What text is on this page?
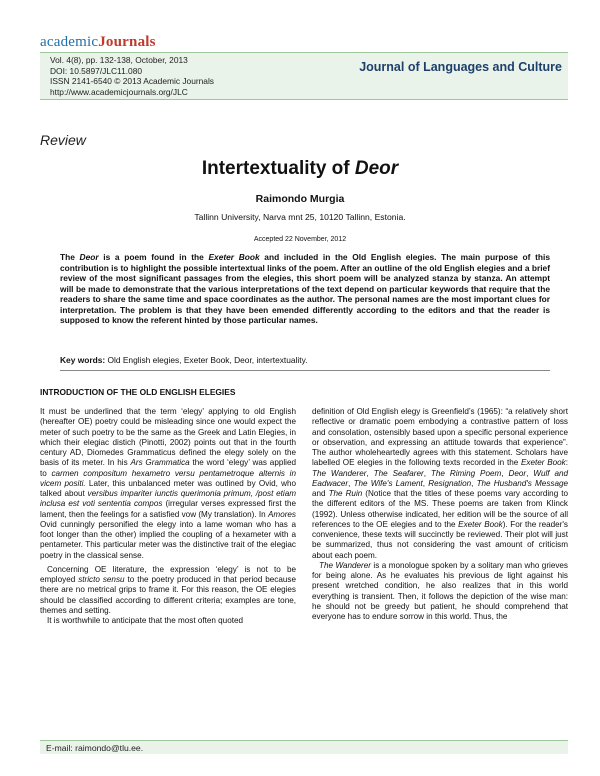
academicJournals
Vol. 4(8), pp. 132-138, October, 2013
DOI: 10.5897/JLC11.080
ISSN 2141-6540 © 2013 Academic Journals
http://www.academicjournals.org/JLC
Journal of Languages and Culture
Review
Intertextuality of Deor
Raimondo Murgia
Tallinn University, Narva mnt 25, 10120 Tallinn, Estonia.
Accepted 22 November, 2012
The Deor is a poem found in the Exeter Book and included in the Old English elegies. The main purpose of this contribution is to highlight the possible intertextual links of the poem. After an outline of the old English elegies and a brief review of the most significant passages from the elegies, this short poem will be analyzed stanza by stanza. An attempt will be made to demonstrate that the various interpretations of the text depend on particular keywords that require that the readers to share the same time and space coordinates as the author. The personal names are the most important clues for interpretation. The problem is that they have been emended differently according to the editors and that the reader is supposed to know the referent hinted by those particular names.
Key words: Old English elegies, Exeter Book, Deor, intertextuality.
INTRODUCTION OF THE OLD ENGLISH ELEGIES

It must be underlined that the term ‘elegy’ applying to old English (hereafter OE) poetry could be misleading since one would expect the meter of such poetry to be the same as the Greek and Latin Elegies, in which their elegiac distich (Pinotti, 2002) points out that in the fourth century AD, Diomedes Grammaticus defined the elegy solely on the basis of its meter. In his Ars Grammatica the word ‘elegy’ was applied to carmen compositum hexametro versu pentametroque alternis in vicem positi. Later, this unbalanced meter was outlined by Ovid, who talked about versibus impariter iunctis querimonia primum, /post etiam inclusa est voti sententia compos (irregular verses expressed first the lament, then the feelings for a satisfied vow (My translation). In Amores Ovid cunningly personified the elegy into a lame woman who has a foot longer than the other) implied the coupling of a hexameter with a pentameter. This particular meter was the distinctive trait of the elegiac poetry in the classical sense.

Concerning OE literature, the expression ‘elegy’ is not to be employed stricto sensu to the poetry produced in that period because there are no metrical grips to frame it. For this reason, the OE elegies should be classified according to different criteria; examples are tone, themes and setting.

It is worthwhile to anticipate that the most often quoted

definition of Old English elegy is Greenfield’s (1965): “a relatively short reflective or dramatic poem embodying a contrastive pattern of loss and consolation, ostensibly based upon a specific personal experience or observation, and expressing an attitude towards that experience”. The author wholeheartedly agrees with this statement. Scholars have labelled OE elegies in the following texts recorded in the Exeter Book: The Wanderer, The Seafarer, The Riming Poem, Deor, Wulf and Eadwacer, The Wife's Lament, Resignation, The Husband's Message and The Ruin (Notice that the titles of these poems vary according to the different editors of the MS. These poems are taken from Klinck (1992). Unless otherwise indicated, her edition will be the source of all references to the OE elegies and to the Exeter Book). For the reader's convenience, these texts will succinctly be reviewed. Their plot will just be summarized, thus not considering the vast amount of criticism about each poem.

The Wanderer is a monologue spoken by a solitary man who grieves for being alone. As he evaluates his previous de light against his present wretched condition, he also realizes that in this world everything is transient. Then, it follows the depiction of the wise man: he should not be greedy but patient, he should comprehend that everyone has to endure sorrow in this world. Thus, the

E-mail: raimondo@tlu.ee.
